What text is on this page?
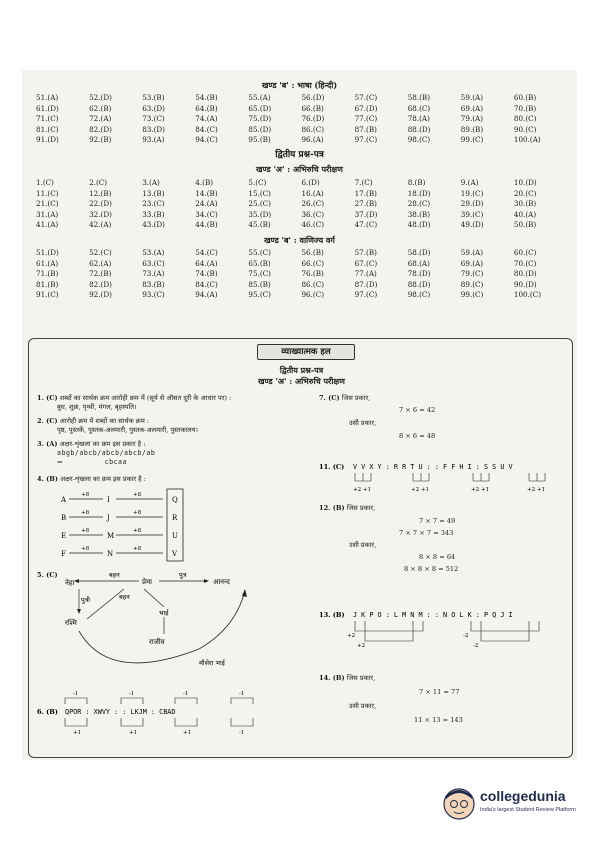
खण्ड 'ब' : भाषा (हिन्दी)
51.(A)	52.(D)	53.(B)	54.(B)	55.(A)	56.(D)	57.(C)	58.(B)	59.(A)	60.(B)
61.(D)	62.(B)	63.(D)	64.(B)	65.(D)	66.(B)	67.(D)	68.(C)	69.(A)	70.(B)
71.(C)	72.(A)	73.(C)	74.(A)	75.(D)	76.(D)	77.(C)	78.(A)	79.(A)	80.(C)
81.(C)	82.(D)	83.(D)	84.(C)	85.(D)	86.(C)	87.(B)	88.(D)	89.(B)	90.(C)
91.(D)	92.(B)	93.(A)	94.(C)	95.(B)	96.(A)	97.(C)	98.(C)	99.(C)	100.(A)
द्वितीय प्रश्न-पत्र
खण्ड 'अ' : अभिरुचि परीक्षण
1.(C)	2.(C)	3.(A)	4.(B)	5.(C)	6.(D)	7.(C)	8.(B)	9.(A)	10.(D)
11.(C)	12.(B)	13.(B)	14.(B)	15.(C)	16.(A)	17.(B)	18.(D)	19.(C)	20.(C)
21.(C)	22.(D)	23.(C)	24.(A)	25.(C)	26.(C)	27.(B)	28.(C)	29.(D)	30.(B)
31.(A)	32.(D)	33.(B)	34.(C)	35.(D)	36.(C)	37.(D)	38.(B)	39.(C)	40.(A)
41.(A)	42.(A)	43.(D)	44.(B)	45.(B)	46.(C)	47.(C)	48.(D)	49.(D)	50.(B)
खण्ड 'ब' : वाणिज्य वर्ग
51.(D)	52.(C)	53.(A)	54.(C)	55.(C)	56.(B)	57.(B)	58.(D)	59.(A)	60.(C)
61.(A)	62.(A)	63.(C)	64.(A)	65.(B)	66.(C)	67.(C)	68.(A)	69.(A)	70.(C)
71.(B)	72.(B)	73.(A)	74.(B)	75.(C)	76.(B)	77.(A)	78.(D)	79.(C)	80.(D)
81.(B)	82.(D)	83.(B)	84.(C)	85.(B)	86.(C)	87.(D)	88.(D)	89.(C)	90.(D)
91.(C)	92.(D)	93.(C)	94.(A)	95.(C)	96.(C)	97.(C)	98.(C)	99.(C)	100.(C)
व्याख्यात्मक हल
द्वितीय प्रश्न-पत्र
खण्ड 'अ' : अभिरुचि परीक्षण
1. (C) शब्दों का सार्थक क्रम आरोही क्रम में (सूर्य से औसत दूरी के आधार पर) :
बुध, शुक्र, पृथ्वी, मंगल, बृहस्पति।
2. (C) आरोही क्रम में शब्दों का सार्थक क्रम :
पृष्ठ, पुस्तकें, पुस्तक-अलमारी, पुस्तक-अलमारी, पुस्तकालय।
3. (A) अक्षर-शृंखला का क्रम इस प्रकार है :
abgb/abcb/abcb/abcb/ab
⇒	cbcaa
4. (B) अक्षर-शृंखला का क्रम इस प्रकार है :
A
+8
I
+8
Q
B
+8
J
+8
R
E
+8
M
+8
U
F
+8
N
+8
V
5. (C)
नेहा
बहन
प्रेमा
पुत्र
आनन्द
पुत्री	बहन
भाई
रश्मि
राजीव
मौसेरा भाई
6. (B) QPOR : XWVY : : LKJM : CBAD
-1
+1
-1
+1
-1
+1
-1
-1
7. (C) जिस प्रकार,

7 × 6 = 42
उसी प्रकार,
8 × 6 = 48
11. (C) V V X Y : R R T U : : F F H I : S S U V
+2 +1	+2 +1	+2 +1	+2 +1
12. (B) जिस प्रकार,
7 × 7 = 49
7 × 7 × 7 = 343
उसी प्रकार,
8 × 8 = 64
8 × 8 × 8 = 512
13. (B) J K P O : L M N M : : N O L K : P Q J I
+2
+2
-2
-2
14. (B) जिस प्रकार,
7 × 11 = 77
उसी प्रकार,
11 × 13 = 143
collegedunia
India's largest Student Review Platform
